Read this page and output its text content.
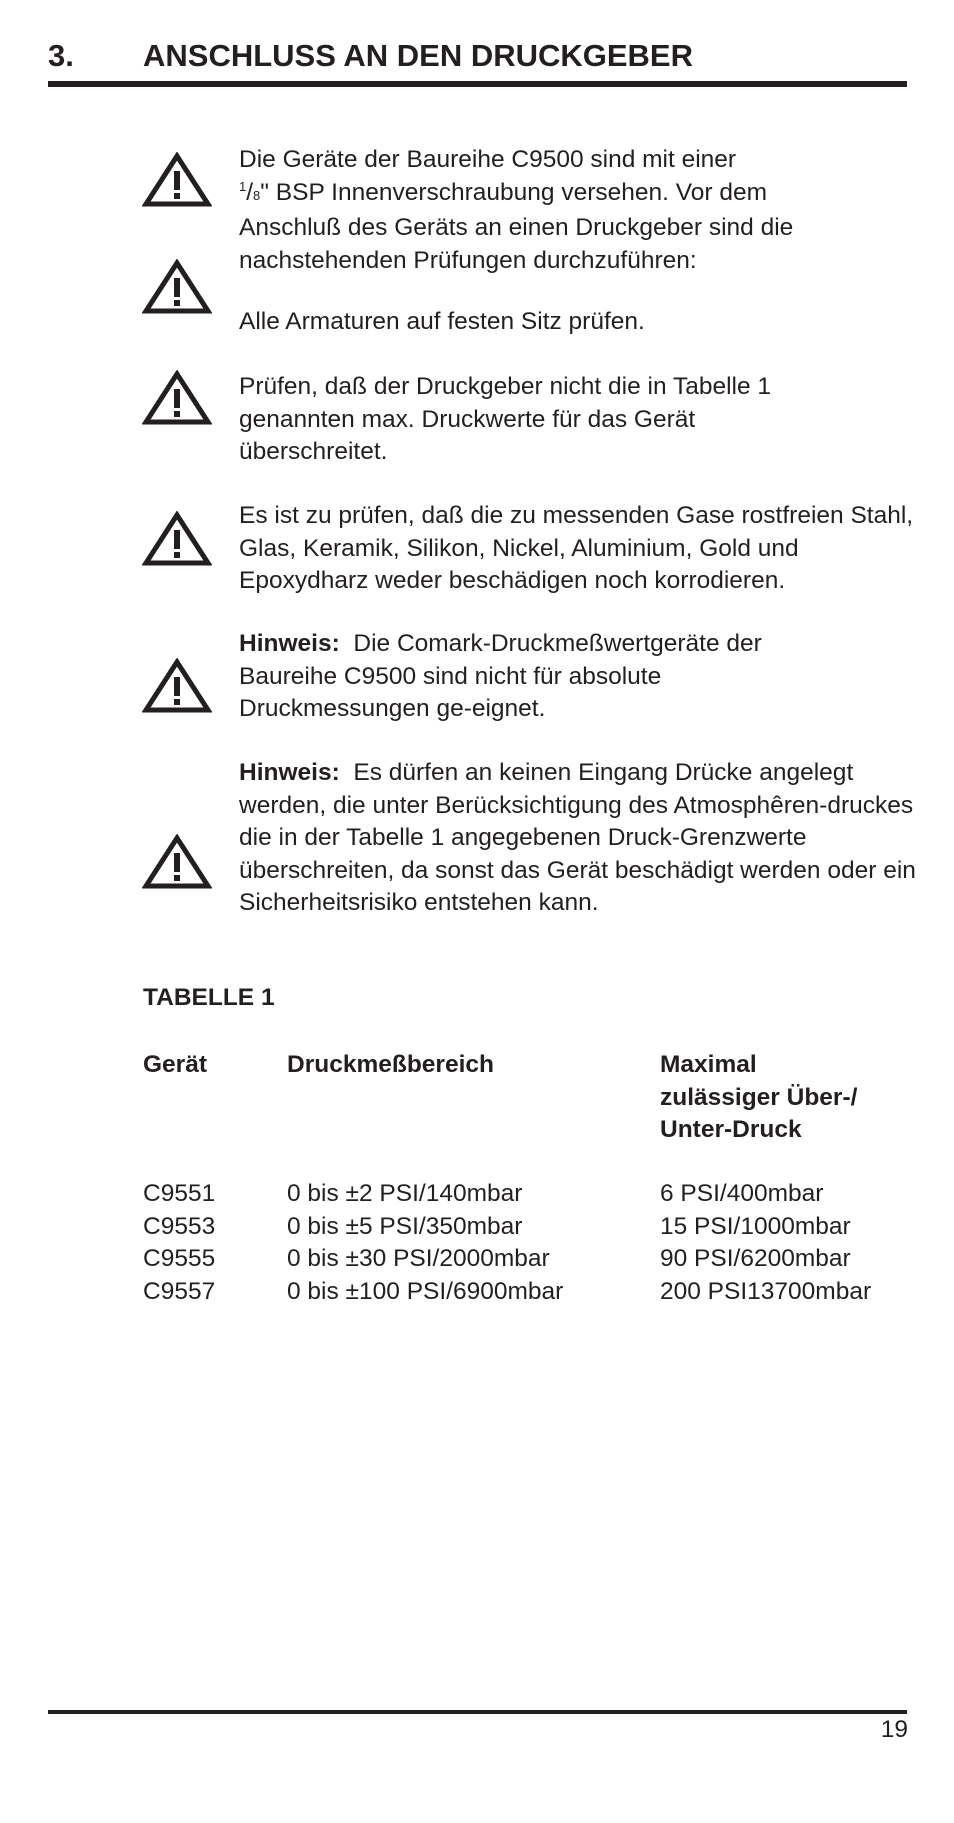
3. ANSCHLUSS AN DEN DRUCKGEBER
Die Geräte der Baureihe C9500 sind mit einer
$^1$/8" BSP Innenverschraubung versehen. Vor dem
Anschluß des Geräts an einen Druckgeber sind die
nachstehenden Prüfungen durchzuführen:

Alle Armaturen auf festen Sitz prüfen.

Prüfen, daß der Druckgeber nicht die in Tabelle 1 genannten max. Druckwerte für das Gerät überschreitet.

Es ist zu prüfen, daß die zu messenden Gase rostfreien Stahl, Glas, Keramik, Silikon, Nickel, Aluminium, Gold und Epoxydharz weder beschädigen noch korrodieren.

Hinweis: Die Comark-Druckmeßwertgeräte der Baureihe C9500 sind nicht für absolute Druckmessungen ge-eignet.

Hinweis: Es dürfen an keinen Eingang Drücke angelegt werden, die unter Berücksichtigung des Atmosphêren-druckes die in der Tabelle 1 angegebenen Druck-Grenzwerte überschreiten, da sonst das Gerät beschädigt werden oder ein Sicherheitsrisiko entstehen kann.

TABELLE 1
Gerät	Druckmeßbereich	Maximal
zulässiger Über-/
Unter-Druck
C9551	0 bis ±2 PSI/140mbar	6 PSI/400mbar
C9553	0 bis ±5 PSI/350mbar	15 PSI/1000mbar
C9555	0 bis ±30 PSI/2000mbar	90 PSI/6200mbar
C9557	0 bis ±100 PSI/6900mbar	200 PSI13700mbar
19
